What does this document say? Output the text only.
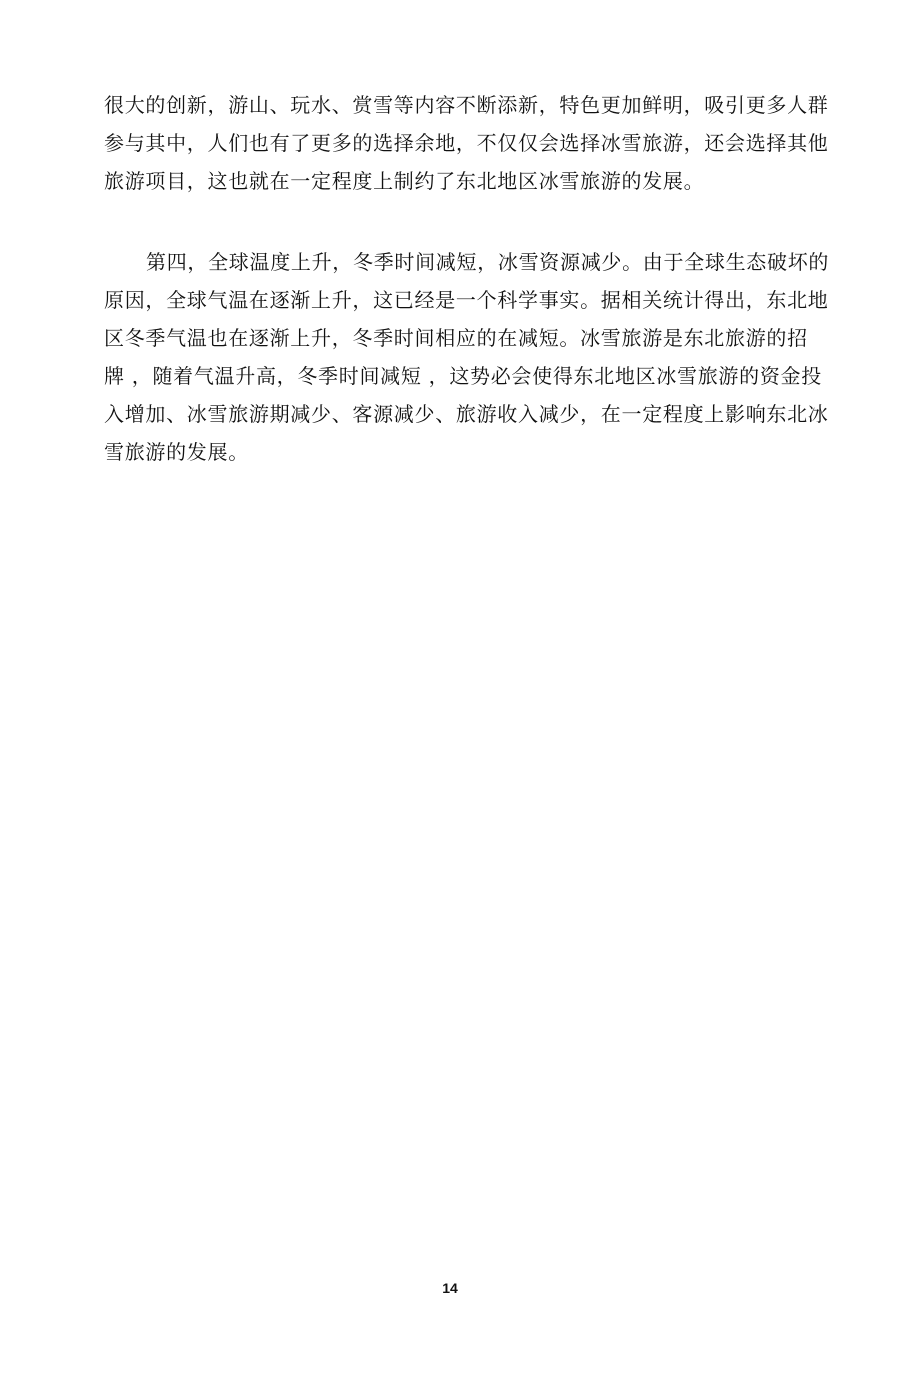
很大的创新，游山、玩水、赏雪等内容不断添新，特色更加鲜明，吸引更多人群
参与其中，人们也有了更多的选择余地，不仅仅会选择冰雪旅游，还会选择其他
旅游项目，这也就在一定程度上制约了东北地区冰雪旅游的发展。
第四，全球温度上升，冬季时间减短，冰雪资源减少。由于全球生态破坏的
原因，全球气温在逐渐上升，这已经是一个科学事实。据相关统计得出，东北地
区冬季气温也在逐渐上升，冬季时间相应的在减短。冰雪旅游是东北旅游的招
牌 ，随着气温升高，冬季时间减短 ，这势必会使得东北地区冰雪旅游的资金投
入增加、冰雪旅游期减少、客源减少、旅游收入减少，在一定程度上影响东北冰
雪旅游的发展。
14
